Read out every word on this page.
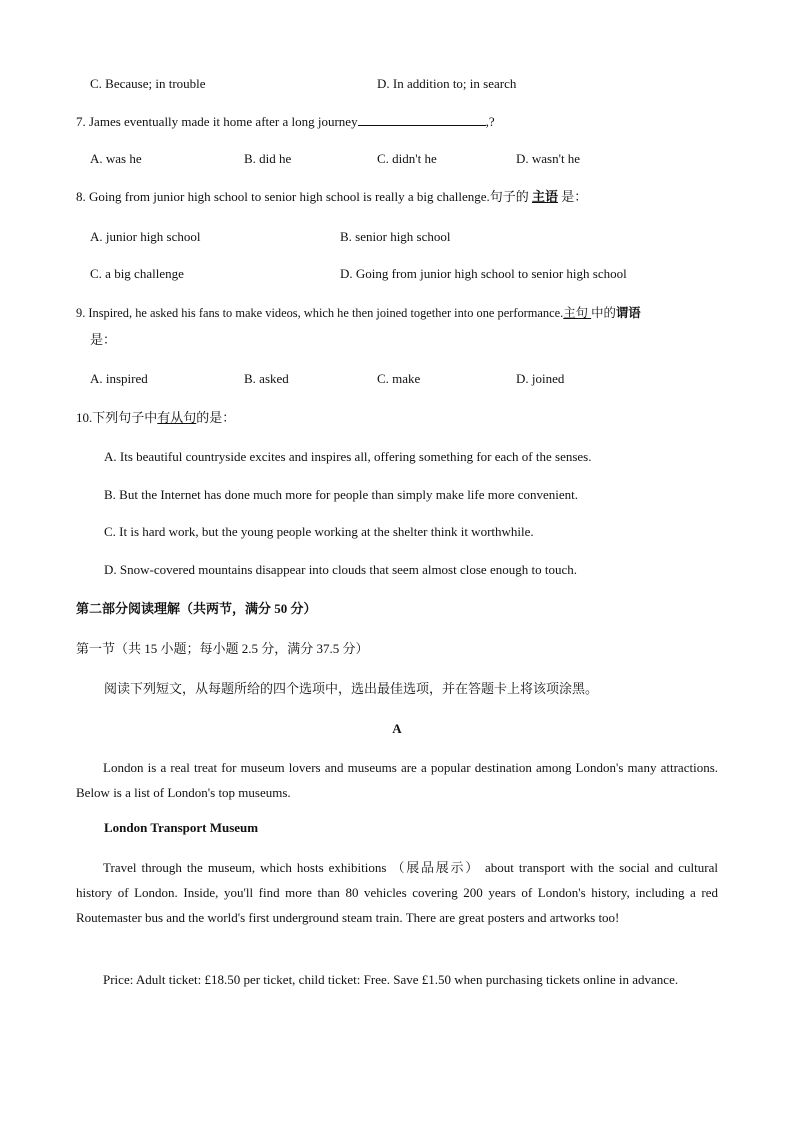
C. Because; in trouble	D. In addition to; in search
7. James eventually made it home after a long journey	,?
A. was he	B. did he	C. didn't he	D. wasn't he
8. Going from junior high school to senior high school is really a big challenge.句子的 主语 是：
A. junior high school	B. senior high school
C. a big challenge	D. Going from junior high school to senior high school
9. Inspired, he asked his fans to make videos, which he then joined together into one performance.主句 中的谓语
是：
A. inspired	B. asked	C. make	D. joined
10.下列句子中有从句的是：
A. Its beautiful countryside excites and inspires all, offering something for each of the senses.
B. But the Internet has done much more for people than simply make life more convenient.
C. It is hard work, but the young people working at the shelter think it worthwhile.
D. Snow-covered mountains disappear into clouds that seem almost close enough to touch.
第二部分阅读理解（共两节，满分 50 分）
第一节（共 15 小题；每小题 2.5 分，满分 37.5 分）
阅读下列短文，从每题所给的四个选项中，选出最佳选项，并在答题卡上将该项涂黑。
A
London is a real treat for museum lovers and museums are a popular destination among London's many attractions. Below is a list of London's top museums.
London Transport Museum
Travel through the museum, which hosts exhibitions （展品展示） about transport with the social and cultural history of London. Inside, you'll find more than 80 vehicles covering 200 years of London's history, including a red Routemaster bus and the world's first underground steam train. There are great posters and artworks too!
Price: Adult ticket: £18.50 per ticket, child ticket: Free. Save £1.50 when purchasing tickets online in advance.
